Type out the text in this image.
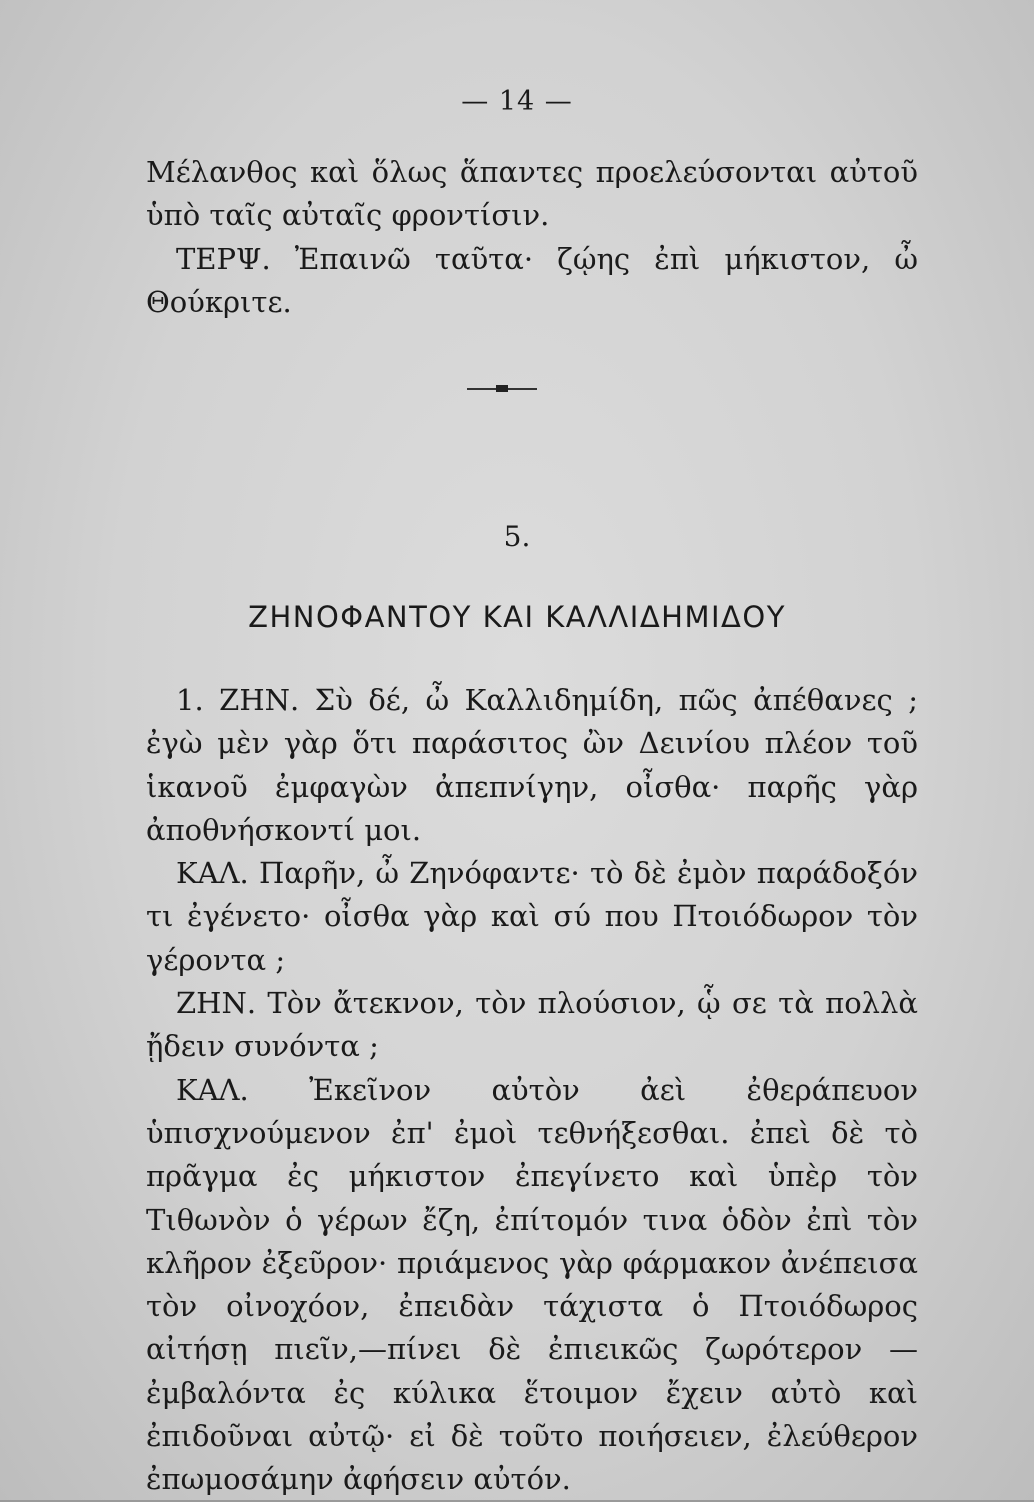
— 14 —

Μέλανθος καὶ ὅλως ἅπαντες προελεύσονται αὐτοῦ ὑπὸ ταῖς αὐταῖς φροντίσιν.

ΤΕΡΨ. Ἐπαινῶ ταῦτα· ζῴης ἐπὶ μήκιστον, ὦ Θούκριτε.

5.
ΖΗΝΟΦΑΝΤΟΥ ΚΑΙ ΚΑΛΛΙΔΗΜΙΔΟΥ

1. ΖΗΝ. Σὺ δέ, ὦ Καλλιδημίδη, πῶς ἀπέθανες ; ἐγὼ μὲν γὰρ ὅτι παράσιτος ὢν Δεινίου πλέον τοῦ ἱκανοῦ ἐμφαγὼν ἀπεπνίγην, οἶσθα· παρῆς γὰρ ἀποθνήσκοντί μοι.

ΚΑΛ. Παρῆν, ὦ Ζηνόφαντε· τὸ δὲ ἐμὸν παράδοξόν τι ἐγένετο· οἶσθα γὰρ καὶ σύ που Πτοιόδωρον τὸν γέροντα ;

ΖΗΝ. Τὸν ἄτεκνον, τὸν πλούσιον, ᾧ σε τὰ πολλὰ ᾔδειν συνόντα ;

ΚΑΛ. Ἐκεῖνον αὐτὸν ἀεὶ ἐθεράπευον ὑπισχνούμενον ἐπ' ἐμοὶ τεθνήξεσθαι. ἐπεὶ δὲ τὸ πρᾶγμα ἐς μήκιστον ἐπεγίνετο καὶ ὑπὲρ τὸν Τιθωνὸν ὁ γέρων ἔζη, ἐπίτομόν τινα ὁδὸν ἐπὶ τὸν κλῆρον ἐξεῦρον· πριάμενος γὰρ φάρμακον ἀνέπεισα τὸν οἰνοχόον, ἐπειδὰν τάχιστα ὁ Πτοιόδωρος αἰτήσῃ πιεῖν,—πίνει δὲ ἐπιεικῶς ζωρότερον — ἐμβαλόντα ἐς κύλικα ἕτοιμον ἔχειν αὐτὸ καὶ ἐπιδοῦναι αὐτῷ· εἰ δὲ τοῦτο ποιήσειεν, ἐλεύθερον ἐπωμοσάμην ἀφήσειν αὐτόν.
